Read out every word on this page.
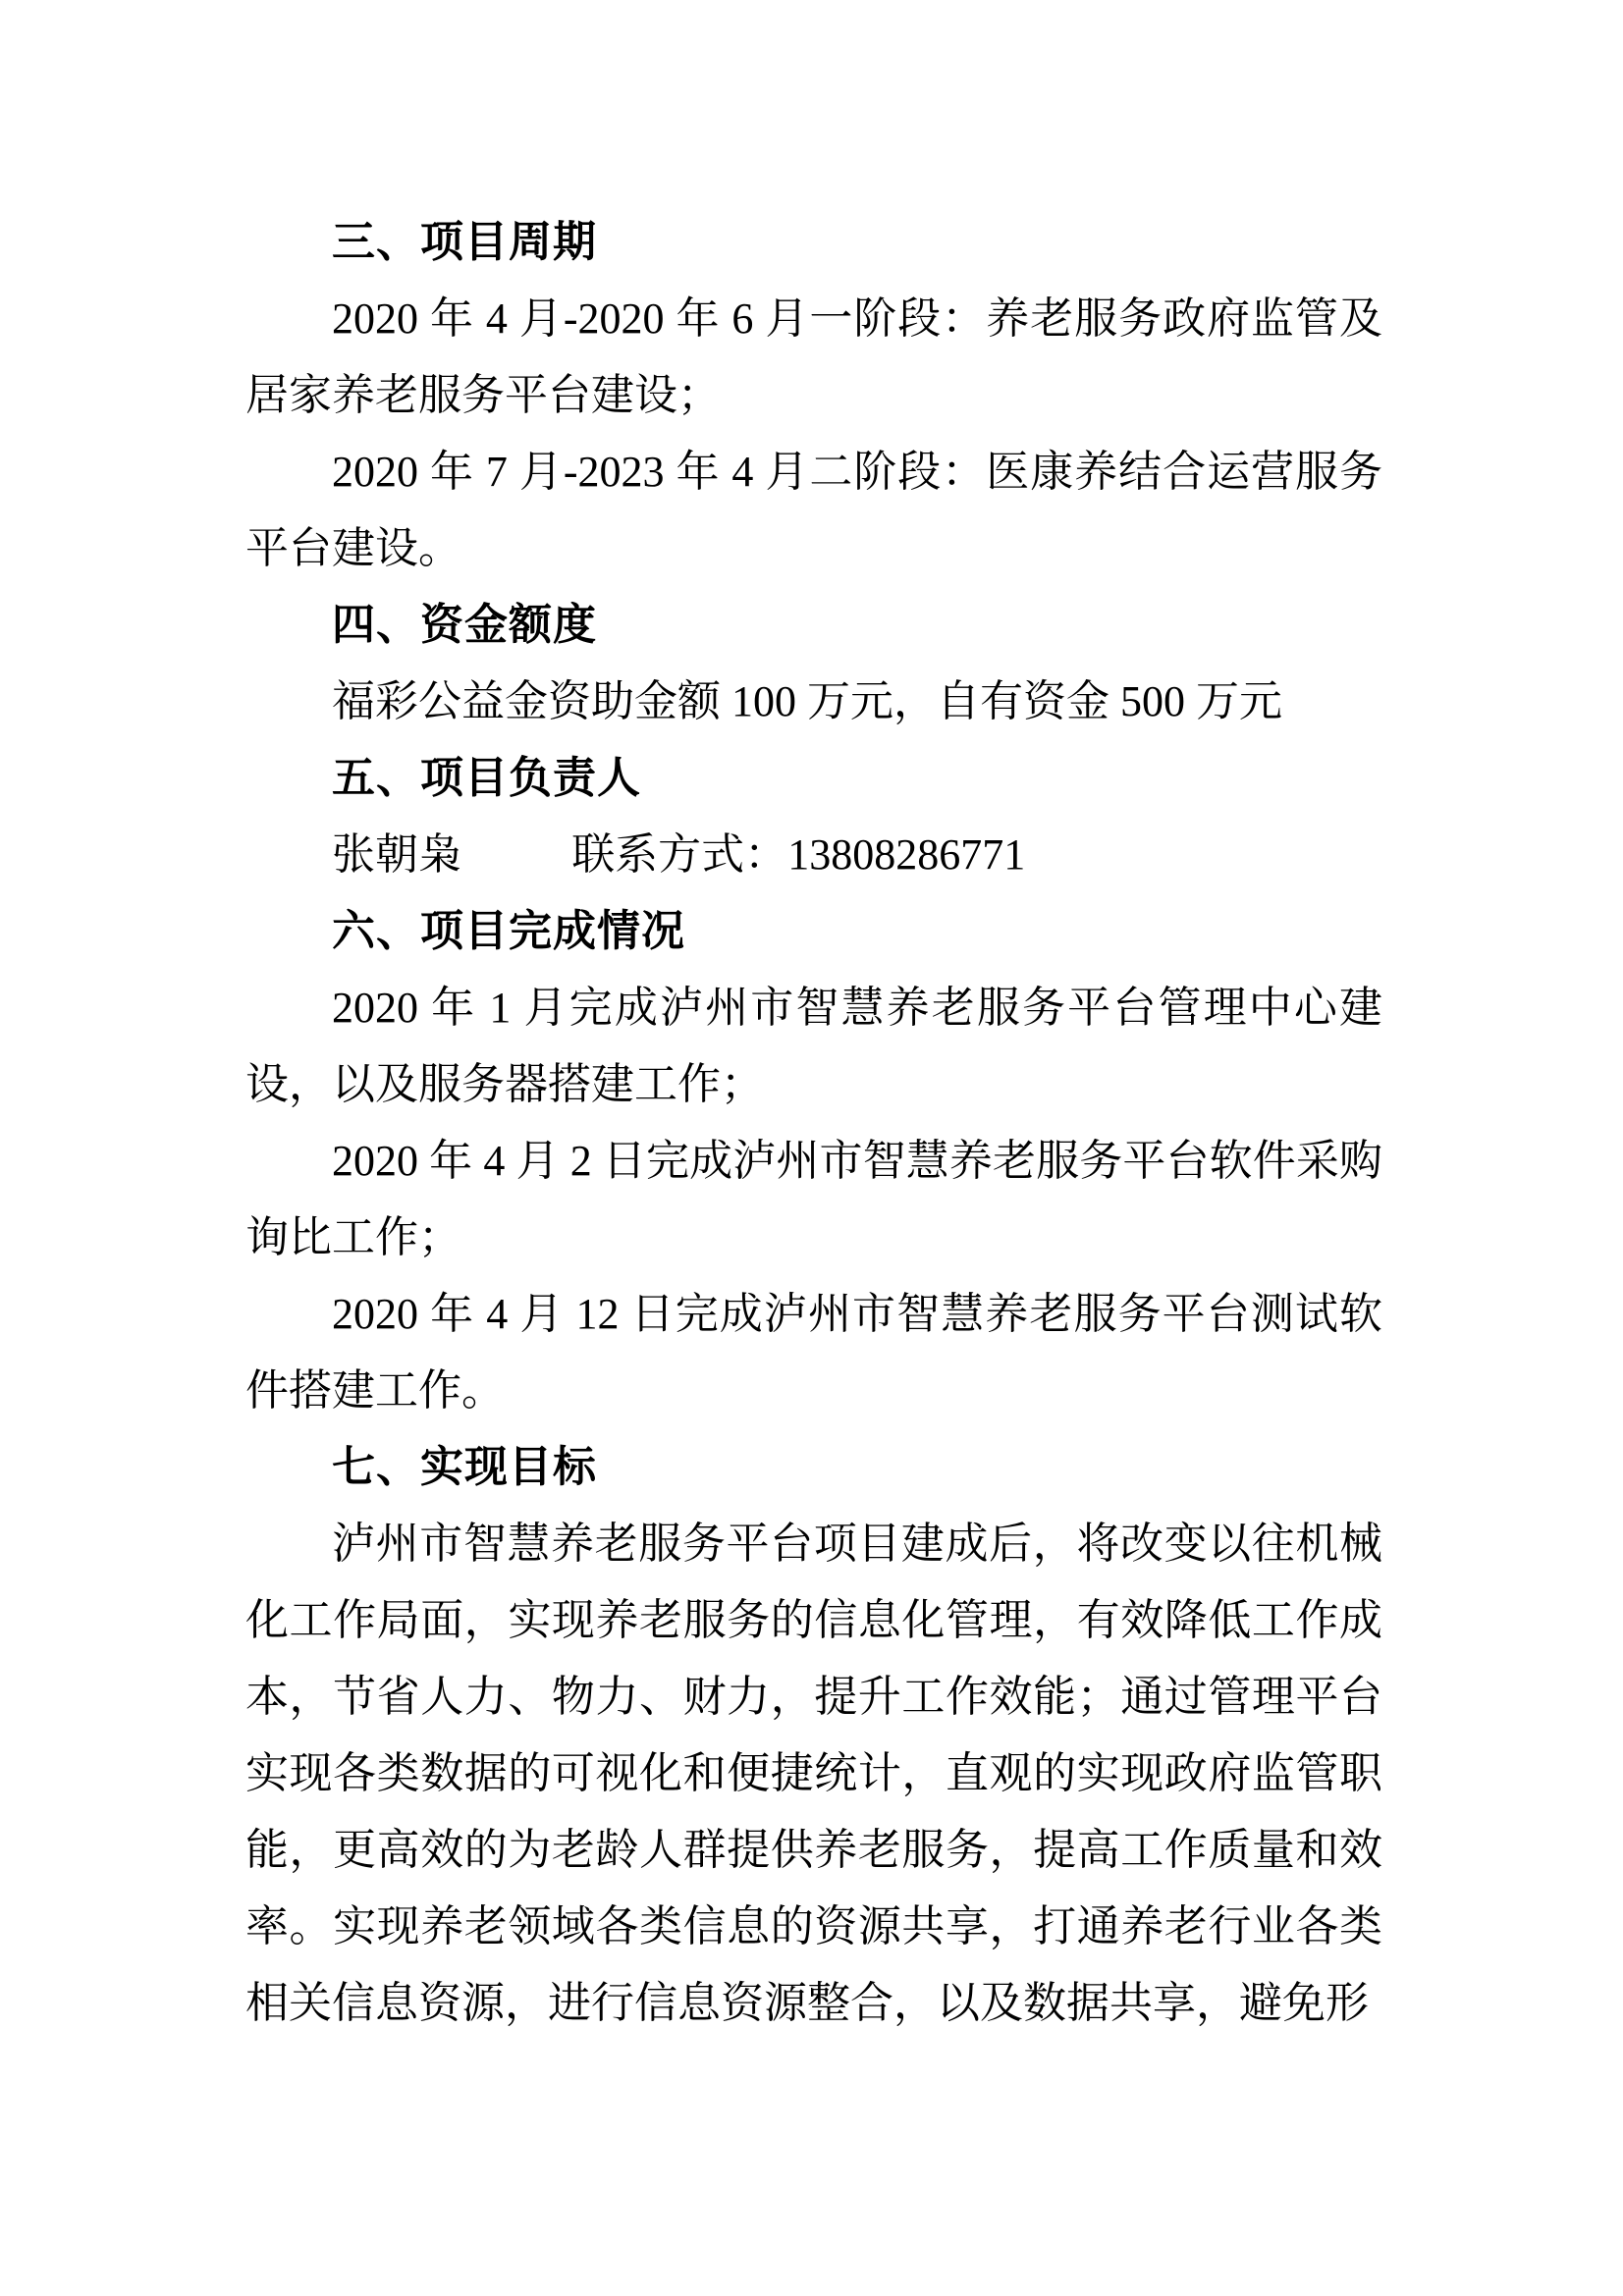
三、项目周期

2020 年 4 月-2020 年 6 月一阶段：养老服务政府监管及居家养老服务平台建设；

2020 年 7 月-2023 年 4 月二阶段：医康养结合运营服务平台建设。

四、资金额度

福彩公益金资助金额 100 万元，自有资金 500 万元

五、项目负责人

张朝枭	联系方式：13808286771

六、项目完成情况

2020 年 1 月完成泸州市智慧养老服务平台管理中心建设，以及服务器搭建工作；

2020 年 4 月 2 日完成泸州市智慧养老服务平台软件采购询比工作；

2020 年 4 月 12 日完成泸州市智慧养老服务平台测试软件搭建工作。

七、实现目标

泸州市智慧养老服务平台项目建成后，将改变以往机械化工作局面，实现养老服务的信息化管理，有效降低工作成本，节省人力、物力、财力，提升工作效能；通过管理平台实现各类数据的可视化和便捷统计，直观的实现政府监管职能，更高效的为老龄人群提供养老服务，提高工作质量和效率。实现养老领域各类信息的资源共享，打通养老行业各类相关信息资源，进行信息资源整合，以及数据共享，避免形
